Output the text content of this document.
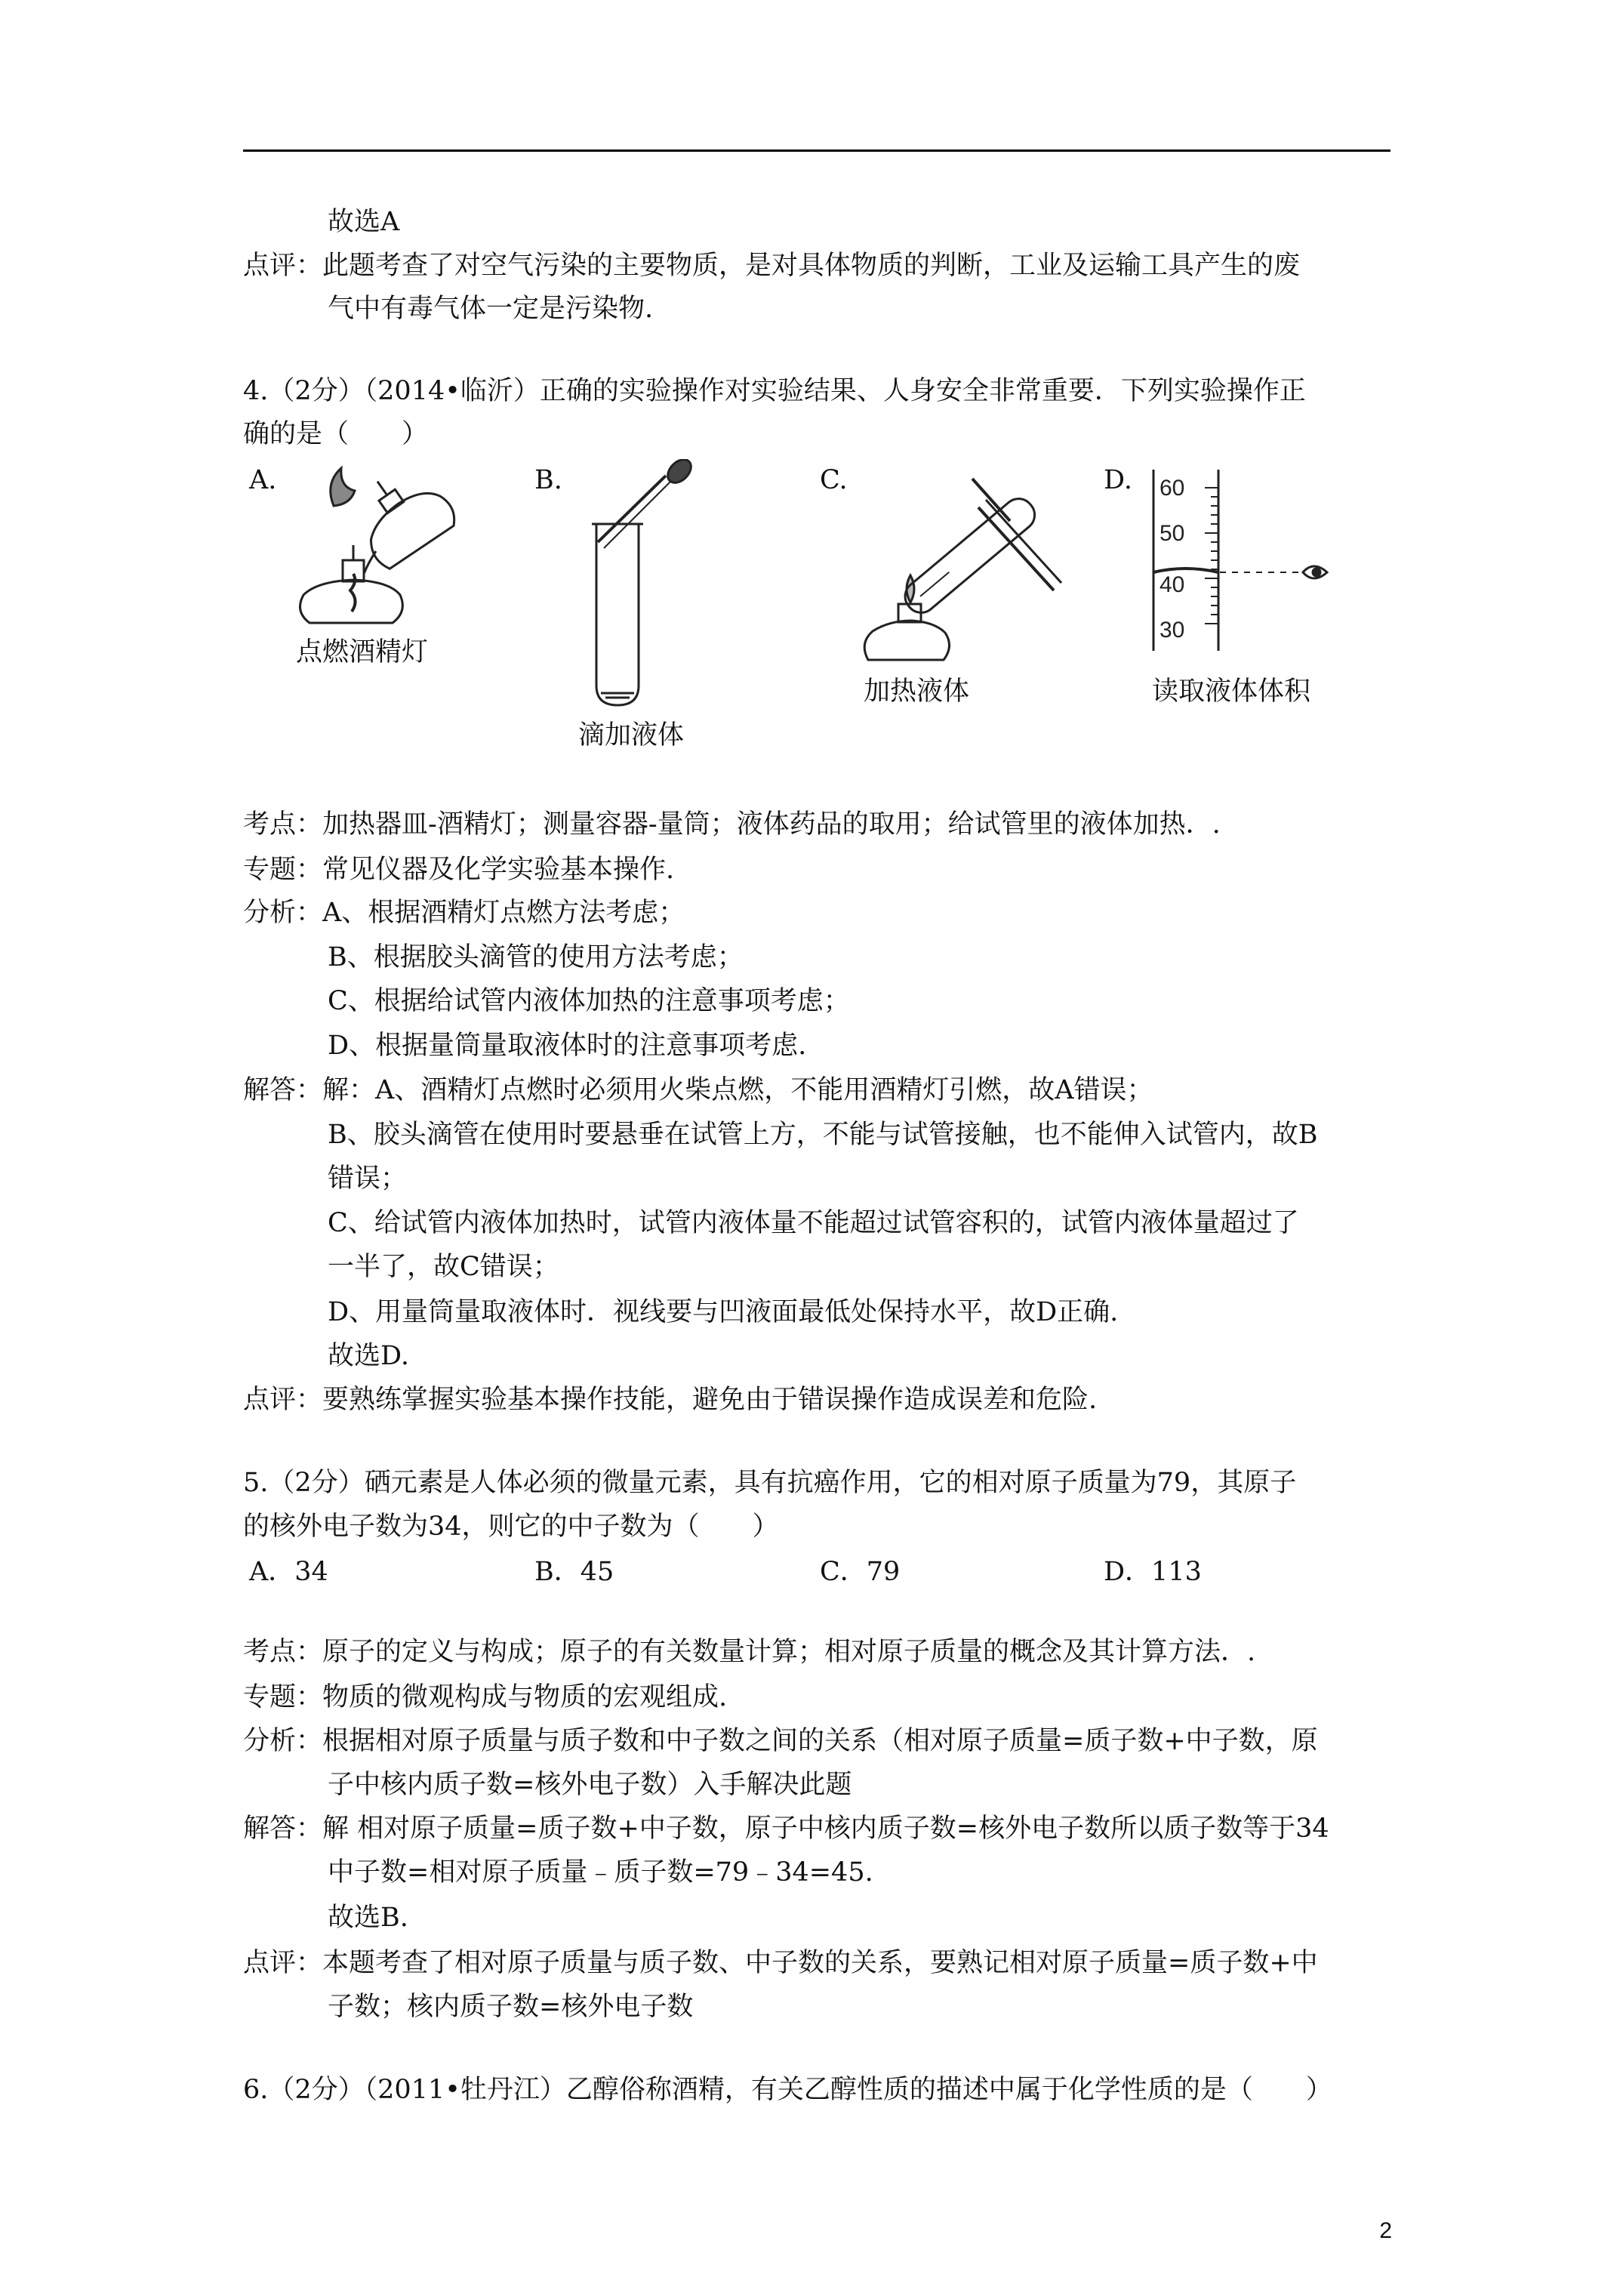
故选A
点评：此题考查了对空气污染的主要物质，是对具体物质的判断，工业及运输工具产生的废
气中有毒气体一定是污染物.
4.（2分）（2014•临沂）正确的实验操作对实验结果、人身安全非常重要．下列实验操作正
确的是（　　）
A.	B.	C.	D.
点燃酒精灯
滴加液体
加热液体
60
50
40
30
读取液体体积
考点：加热器皿-酒精灯；测量容器-量筒；液体药品的取用；给试管里的液体加热．.
专题：常见仪器及化学实验基本操作.
分析：A、根据酒精灯点燃方法考虑；
B、根据胶头滴管的使用方法考虑；
C、根据给试管内液体加热的注意事项考虑；
D、根据量筒量取液体时的注意事项考虑.
解答：解：A、酒精灯点燃时必须用火柴点燃，不能用酒精灯引燃，故A错误；
B、胶头滴管在使用时要悬垂在试管上方，不能与试管接触，也不能伸入试管内，故B
错误；
C、给试管内液体加热时，试管内液体量不能超过试管容积的，试管内液体量超过了
一半了，故C错误；
D、用量筒量取液体时．视线要与凹液面最低处保持水平，故D正确.
故选D.
点评：要熟练掌握实验基本操作技能，避免由于错误操作造成误差和危险.
5.（2分）硒元素是人体必须的微量元素，具有抗癌作用，它的相对原子质量为79，其原子
的核外电子数为34，则它的中子数为（　　）
A．34	B．45	C．79	D．113
考点：原子的定义与构成；原子的有关数量计算；相对原子质量的概念及其计算方法．.
专题：物质的微观构成与物质的宏观组成.
分析：根据相对原子质量与质子数和中子数之间的关系（相对原子质量=质子数+中子数，原
子中核内质子数=核外电子数）入手解决此题
解答：解 相对原子质量=质子数+中子数，原子中核内质子数=核外电子数所以质子数等于34
中子数=相对原子质量﹣质子数=79﹣34=45.
故选B.
点评：本题考查了相对原子质量与质子数、中子数的关系，要熟记相对原子质量=质子数+中
子数；核内质子数=核外电子数
6.（2分）（2011•牡丹江）乙醇俗称酒精，有关乙醇性质的描述中属于化学性质的是（　　）
2
